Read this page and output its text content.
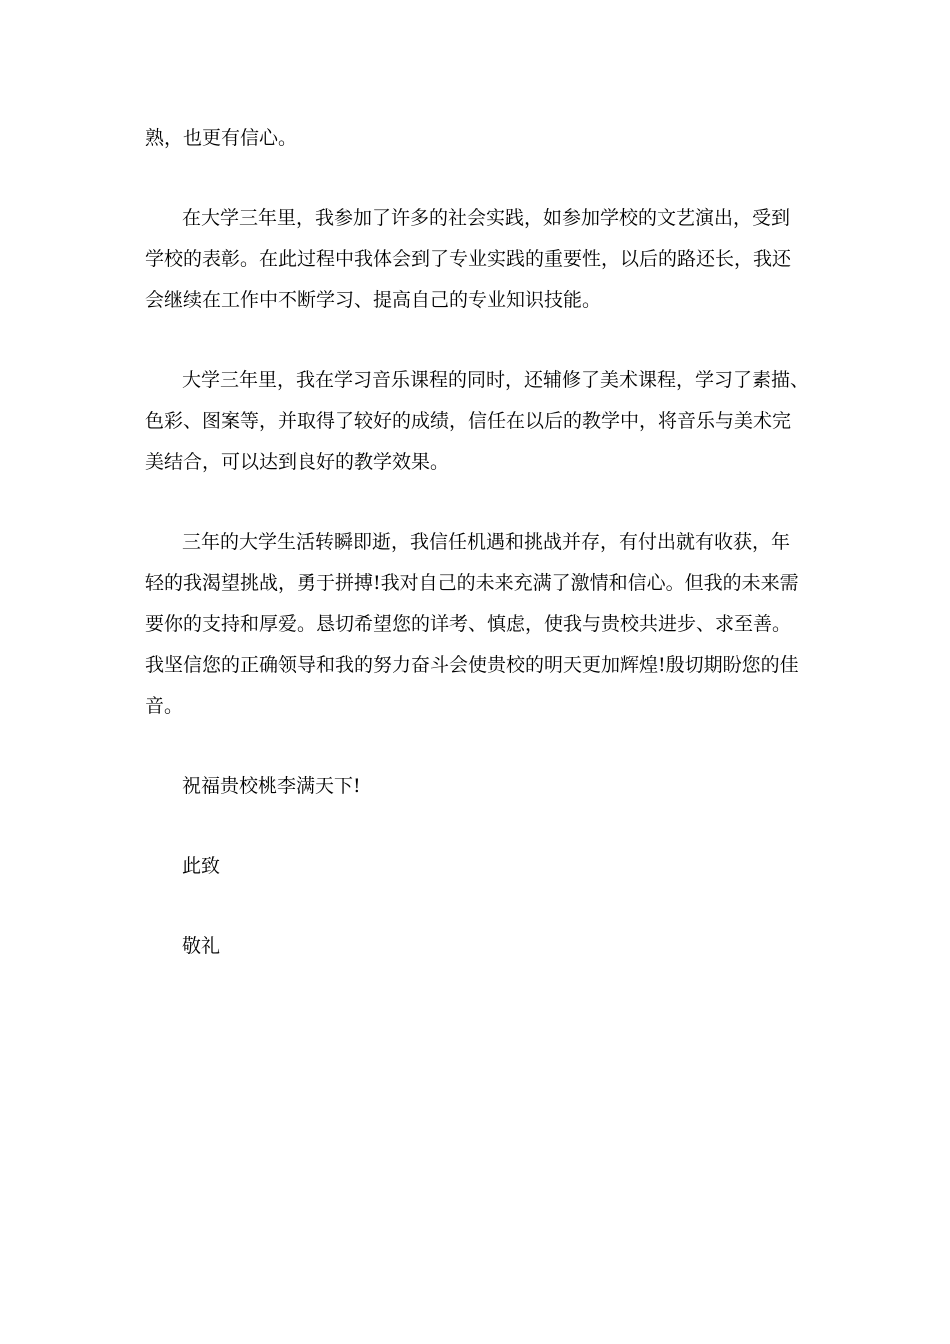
熟，也更有信心。
在大学三年里，我参加了许多的社会实践，如参加学校的文艺演出，受到
学校的表彰。在此过程中我体会到了专业实践的重要性，以后的路还长，我还
会继续在工作中不断学习、提高自己的专业知识技能。
大学三年里，我在学习音乐课程的同时，还辅修了美术课程，学习了素描、
色彩、图案等，并取得了较好的成绩，信任在以后的教学中，将音乐与美术完
美结合，可以达到良好的教学效果。
三年的大学生活转瞬即逝，我信任机遇和挑战并存，有付出就有收获，年
轻的我渴望挑战，勇于拼搏!我对自己的未来充满了激情和信心。但我的未来需
要你的支持和厚爱。恳切希望您的详考、慎虑，使我与贵校共进步、求至善。
我坚信您的正确领导和我的努力奋斗会使贵校的明天更加辉煌!殷切期盼您的佳
音。
祝福贵校桃李满天下!
此致
敬礼
